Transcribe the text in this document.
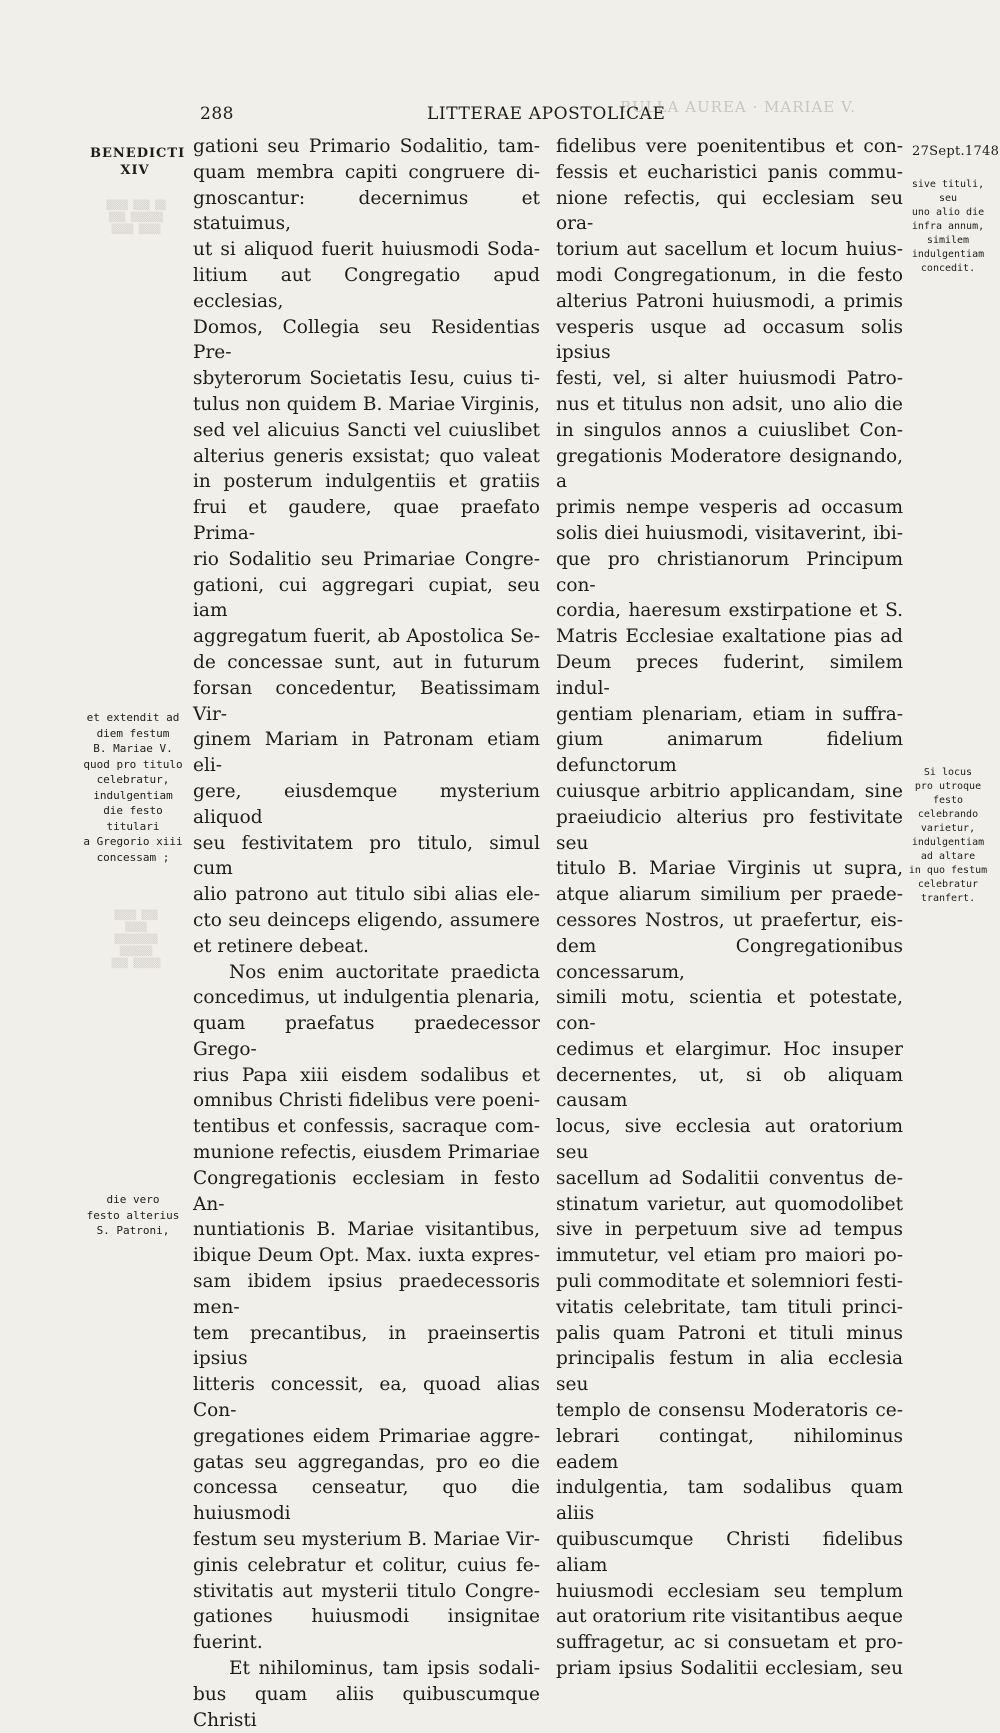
BULLA AUREA · MARIAE V.
288	LITTERAE APOSTOLICAE
BENEDICTI
XIV
27Sept.1748
et extendit ad
diem festum
B. Mariae V.
quod pro titulo
celebratur,
indulgentiam
die festo
titulari
a Gregorio xiii
concessam ;
die vero
festo alterius
S. Patroni,
sive tituli, seu
uno alio die
infra annum,
similem
indulgentiam
concedit.
Si locus
pro utroque
festo
celebrando
varietur,
indulgentiam
ad altare
in quo festum
celebratur
tranfert.
▒▒▒▒ ▒▒▒ ▒▒
▒▒▒ ▒▒▒▒▒▒
▒▒▒▒ ▒▒▒▒
▒▒▒▒ ▒▒▒
▒▒▒▒
▒▒▒▒▒▒▒▒
▒▒▒▒▒▒
▒▒▒ ▒▒▒▒▒
gationi seu Primario Sodalitio, tam-
quam membra capiti congruere di-
gnoscantur: decernimus et statuimus,
ut si aliquod fuerit huiusmodi Soda-
litium aut Congregatio apud ecclesias,
Domos, Collegia seu Residentias Pre-
sbyterorum Societatis Iesu, cuius ti-
tulus non quidem B. Mariae Virginis,
sed vel alicuius Sancti vel cuiuslibet
alterius generis exsistat; quo valeat
in posterum indulgentiis et gratiis
frui et gaudere, quae praefato Prima-
rio Sodalitio seu Primariae Congre-
gationi, cui aggregari cupiat, seu iam
aggregatum fuerit, ab Apostolica Se-
de concessae sunt, aut in futurum
forsan concedentur, Beatissimam Vir-
ginem Mariam in Patronam etiam eli-
gere, eiusdemque mysterium aliquod
seu festivitatem pro titulo, simul cum
alio patrono aut titulo sibi alias ele-
cto seu deinceps eligendo, assumere
et retinere debeat.
Nos enim auctoritate praedicta
concedimus, ut indulgentia plenaria,
quam praefatus praedecessor Grego-
rius Papa xiii eisdem sodalibus et
omnibus Christi fidelibus vere poeni-
tentibus et confessis, sacraque com-
munione refectis, eiusdem Primariae
Congregationis ecclesiam in festo An-
nuntiationis B. Mariae visitantibus,
ibique Deum Opt. Max. iuxta expres-
sam ibidem ipsius praedecessoris men-
tem precantibus, in praeinsertis ipsius
litteris concessit, ea, quoad alias Con-
gregationes eidem Primariae aggre-
gatas seu aggregandas, pro eo die
concessa censeatur, quo die huiusmodi
festum seu mysterium B. Mariae Vir-
ginis celebratur et colitur, cuius fe-
stivitatis aut mysterii titulo Congre-
gationes huiusmodi insignitae fuerint.
Et nihilominus, tam ipsis sodali-
bus quam aliis quibuscumque Christi
fidelibus vere poenitentibus et con-
fessis et eucharistici panis commu-
nione refectis, qui ecclesiam seu ora-
torium aut sacellum et locum huius-
modi Congregationum, in die festo
alterius Patroni huiusmodi, a primis
vesperis usque ad occasum solis ipsius
festi, vel, si alter huiusmodi Patro-
nus et titulus non adsit, uno alio die
in singulos annos a cuiuslibet Con-
gregationis Moderatore designando, a
primis nempe vesperis ad occasum
solis diei huiusmodi, visitaverint, ibi-
que pro christianorum Principum con-
cordia, haeresum exstirpatione et S.
Matris Ecclesiae exaltatione pias ad
Deum preces fuderint, similem indul-
gentiam plenariam, etiam in suffra-
gium animarum fidelium defunctorum
cuiusque arbitrio applicandam, sine
praeiudicio alterius pro festivitate seu
titulo B. Mariae Virginis ut supra,
atque aliarum similium per praede-
cessores Nostros, ut praefertur, eis-
dem Congregationibus concessarum,
simili motu, scientia et potestate, con-
cedimus et elargimur. Hoc insuper
decernentes, ut, si ob aliquam causam
locus, sive ecclesia aut oratorium seu
sacellum ad Sodalitii conventus de-
stinatum varietur, aut quomodolibet
sive in perpetuum sive ad tempus
immutetur, vel etiam pro maiori po-
puli commoditate et solemniori festi-
vitatis celebritate, tam tituli princi-
palis quam Patroni et tituli minus
principalis festum in alia ecclesia seu
templo de consensu Moderatoris ce-
lebrari contingat, nihilominus eadem
indulgentia, tam sodalibus quam aliis
quibuscumque Christi fidelibus aliam
huiusmodi ecclesiam seu templum
aut oratorium rite visitantibus aeque
suffragetur, ac si consuetam et pro-
priam ipsius Sodalitii ecclesiam, seu
